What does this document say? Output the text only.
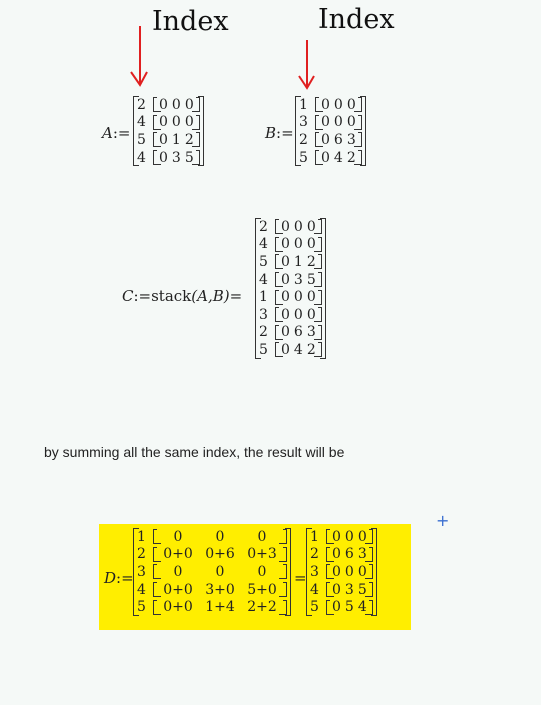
Index	Index
A:=
2 0 0 0
4 0 0 0
5 0 1 2
4 0 3 5
B:=
1 0 0 0
3 0 0 0
2 0 6 3
5 0 4 2
C:=stack(A,B)=
2 0 0 0
4 0 0 0
5 0 1 2
4 0 3 5
1 0 0 0
3 0 0 0
2 0 6 3
5 0 4 2
by summing all the same index, the result will be
D:=
1	0	0	0
2	0+0 0+6 0+3
3	0	0	0
4	0+0 3+0 5+0
5	0+0 1+4 2+2
=
1 0 0 0
2 0 6 3
3 0 0 0
4 0 3 5
5 0 5 4
+
